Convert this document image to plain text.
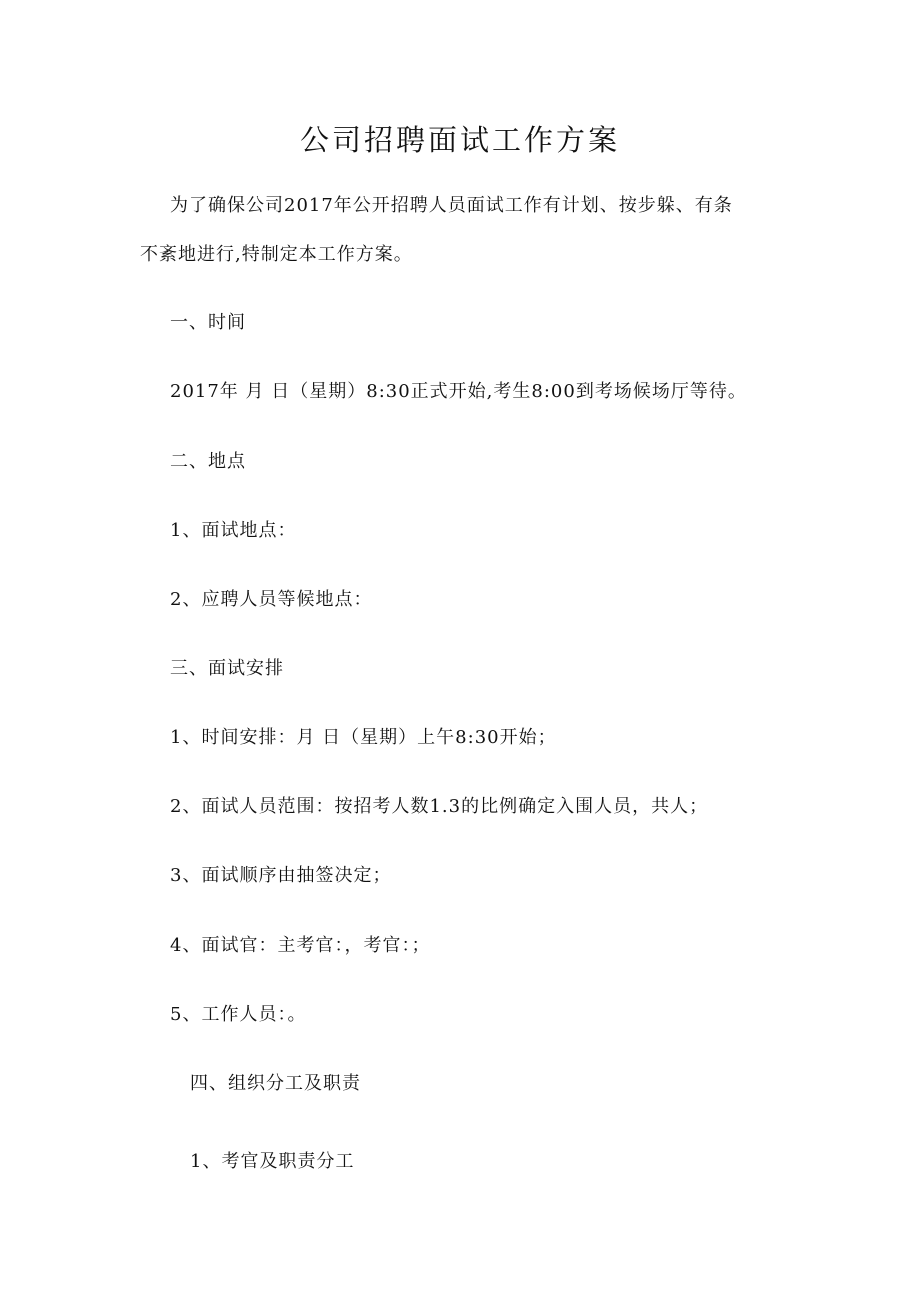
公司招聘面试工作方案

为了确保公司2017年公开招聘人员面试工作有计划、按步躲、有条

不紊地进行,特制定本工作方案。

一、时间

2017年 月 日（星期）8:30正式开始,考生8:00到考场候场厅等待。

二、地点

1、面试地点：

2、应聘人员等候地点：

三、面试安排

1、时间安排：月 日（星期）上午8:30开始；

2、面试人员范围：按招考人数1.3的比例确定入围人员，共人；

3、面试顺序由抽签决定；

4、面试官：主考官：，考官：；

5、工作人员：。

四、组织分工及职责

1、考官及职责分工
